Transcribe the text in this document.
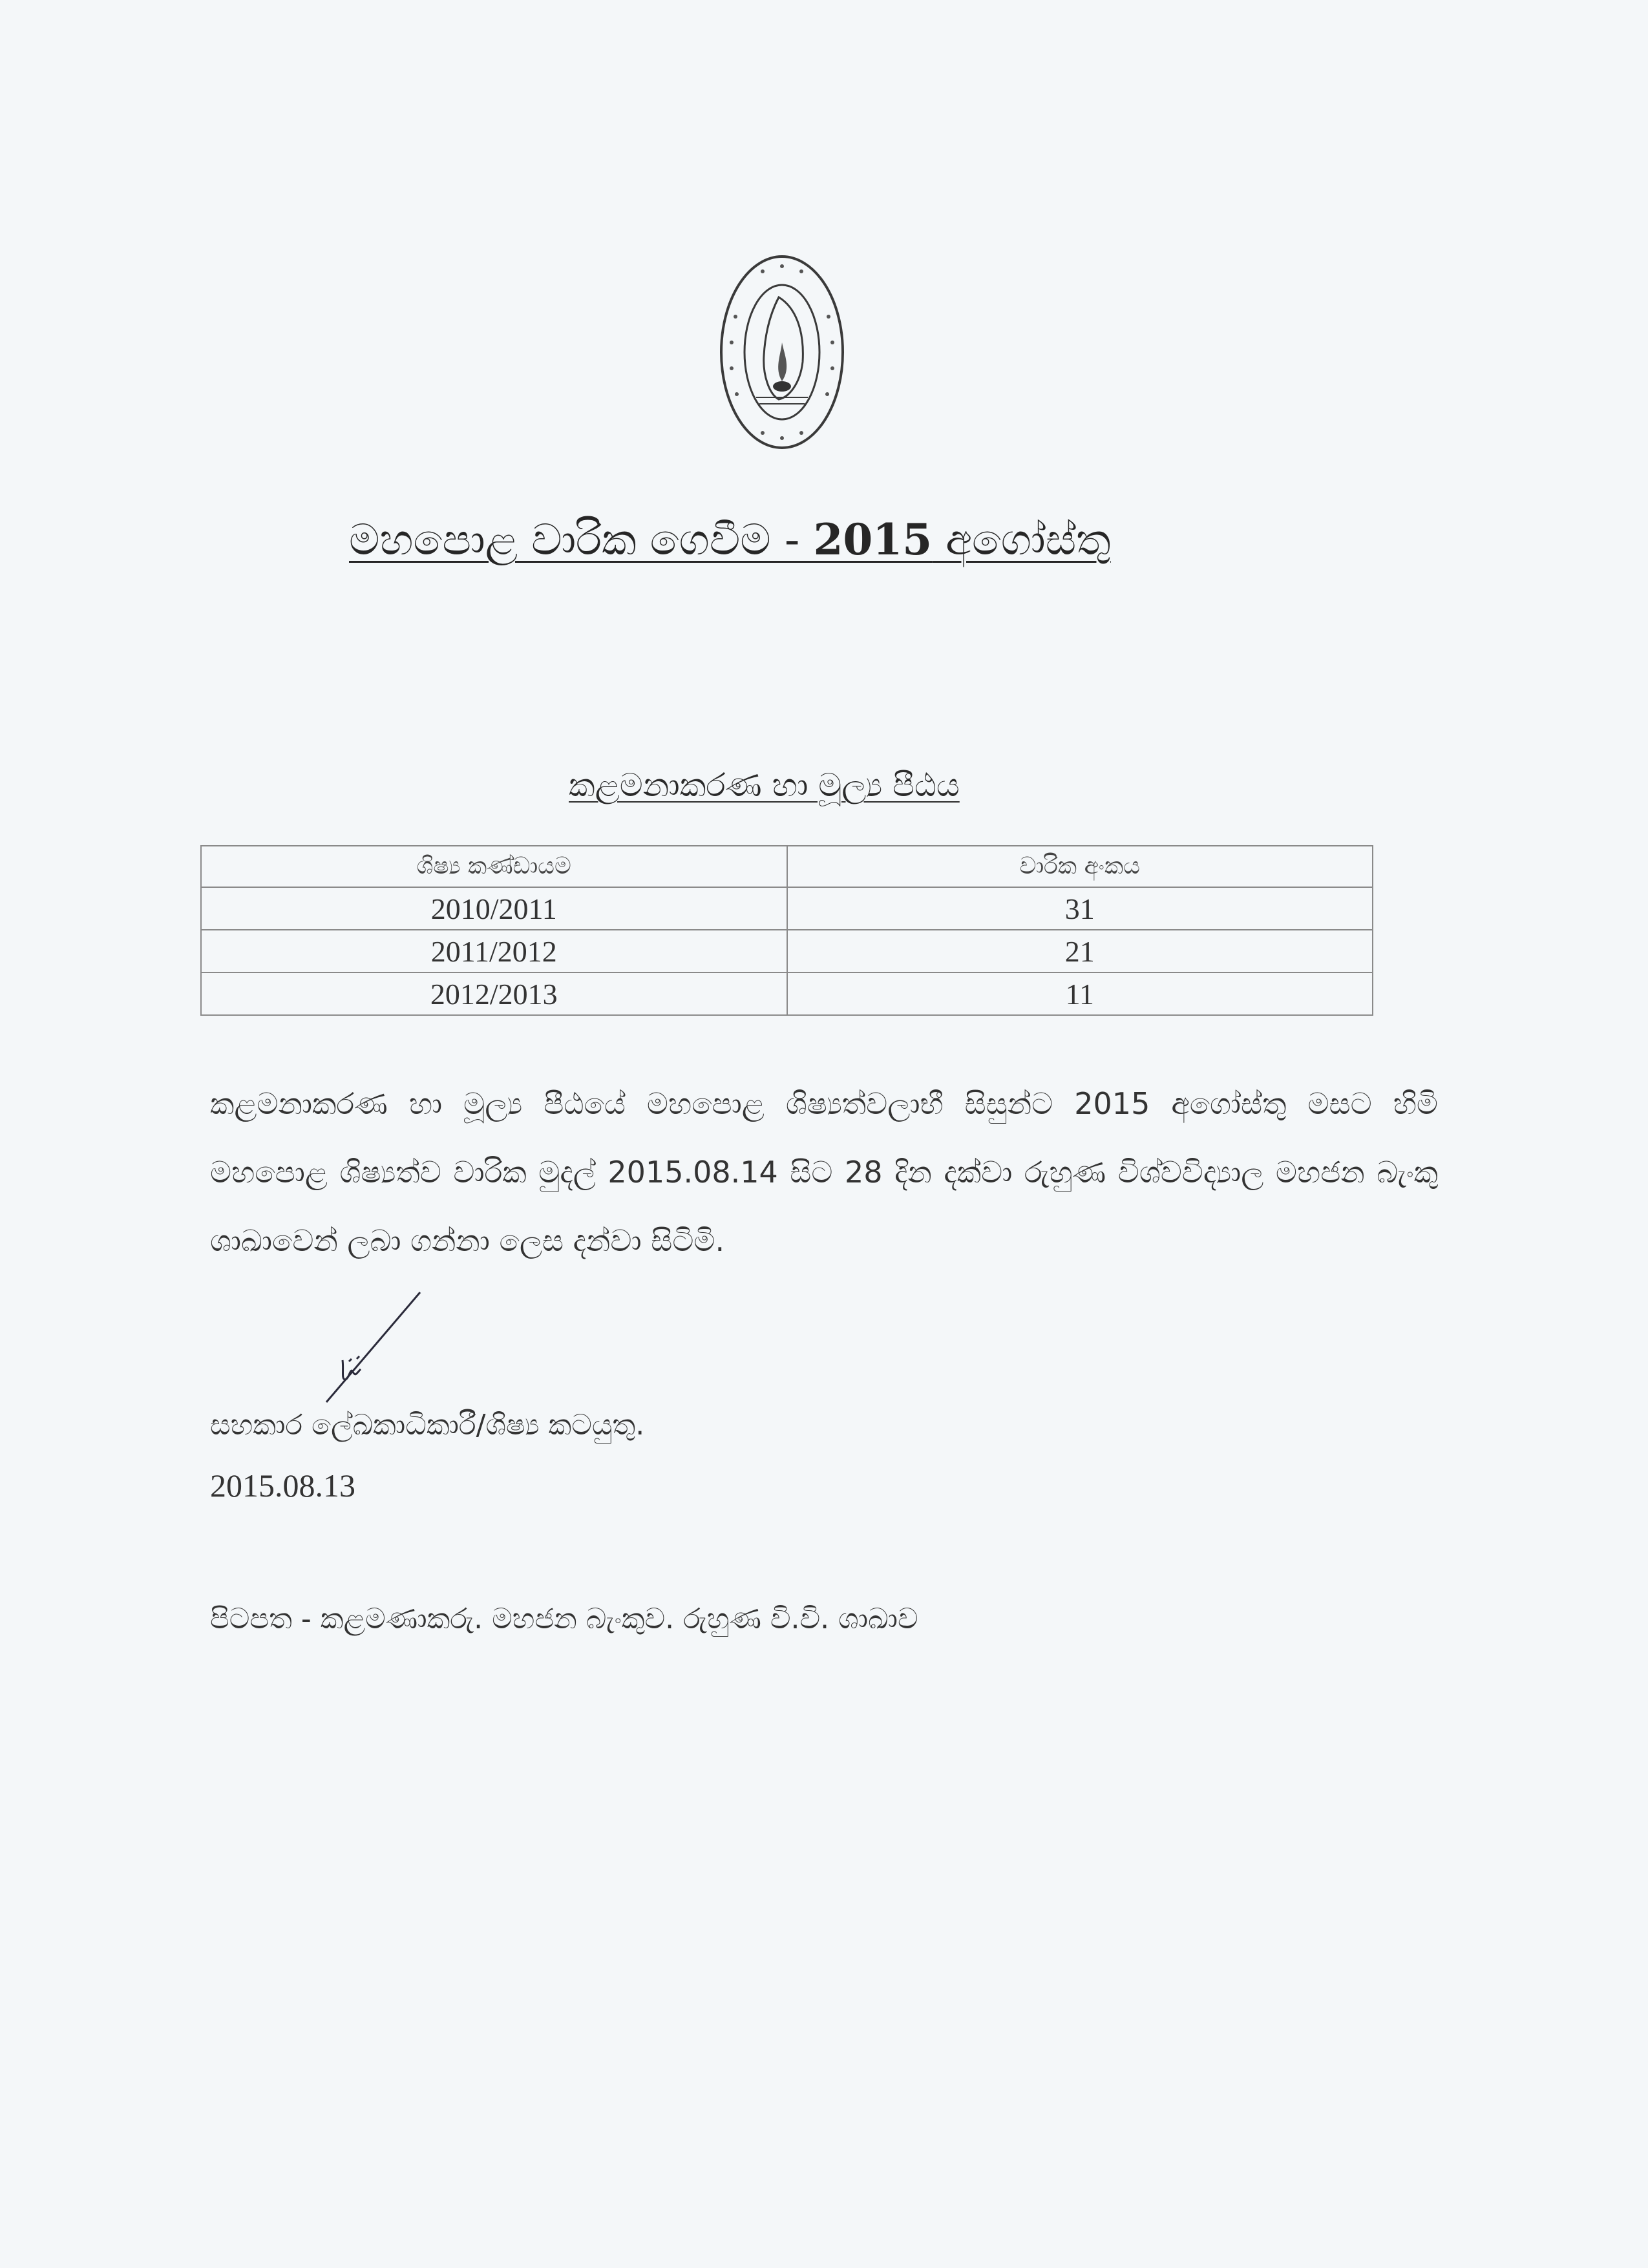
මහපොළ වාරික ගෙවීම - 2015 අගෝස්තු
කළමනාකරණ හා මූල්‍ය පීඨය
ශිෂ්‍ය කණ්ඩායම	වාරික අංකය
2010/2011	31
2011/2012	21
2012/2013	11
කළමනාකරණ හා මූල්‍ය පීඨයේ මහපොළ ශිෂ්‍යත්වලාභී සිසුන්ට 2015 අගෝස්තු මසට හිමි මහපොළ ශිෂ්‍යත්ව වාරික මුදල් 2015.08.14 සිට 28 දින දක්වා රුහුණ විශ්වවිද්‍යාල මහජන බැංකු ශාඛාවෙන් ලබා ගන්නා ලෙස දන්වා සිටිමි.
සහකාර ලේඛකාධිකාරී/ශිෂ්‍ය කටයුතු.
2015.08.13
පිටපත - කළමණාකරු. මහජන බැංකුව. රුහුණ වි.වි. ශාඛාව
